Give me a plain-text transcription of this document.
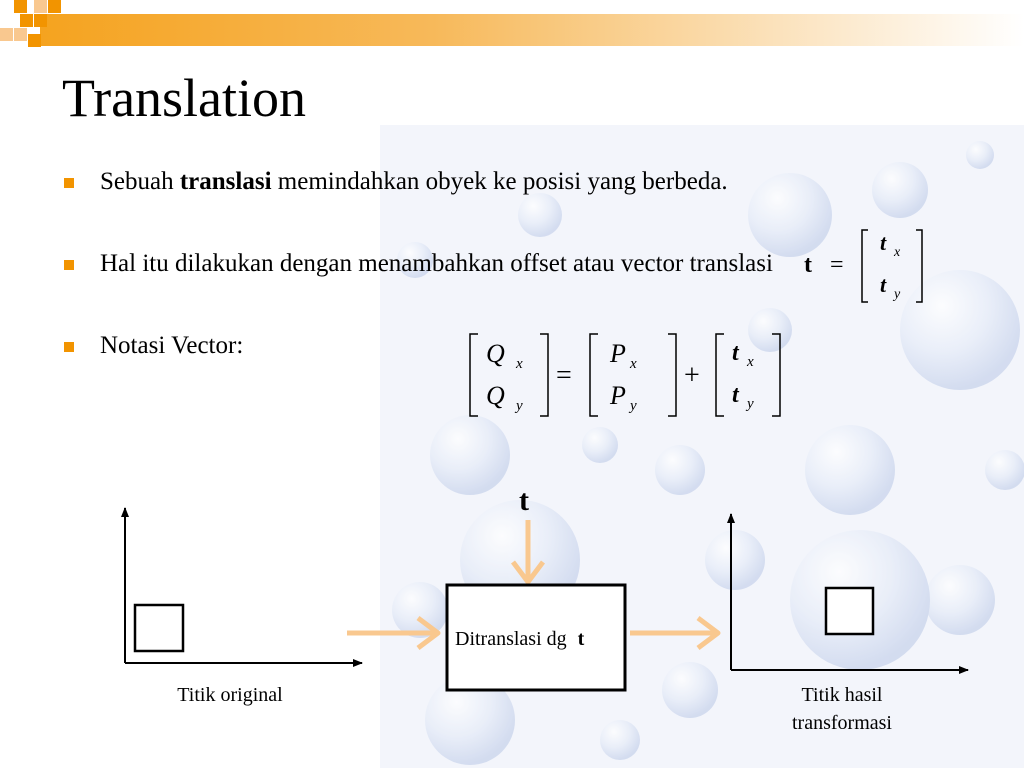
Translation
Sebuah translasi memindahkan obyek ke posisi yang berbeda.
Hal itu dilakukan dengan menambahkan offset atau vector translasi
Notasi Vector:
t =
t x
t y
Q x
Q y
P x
P y
t x
t y
=	+
t
Ditranslasi dg t
Titik original	Titik hasil
transformasi
